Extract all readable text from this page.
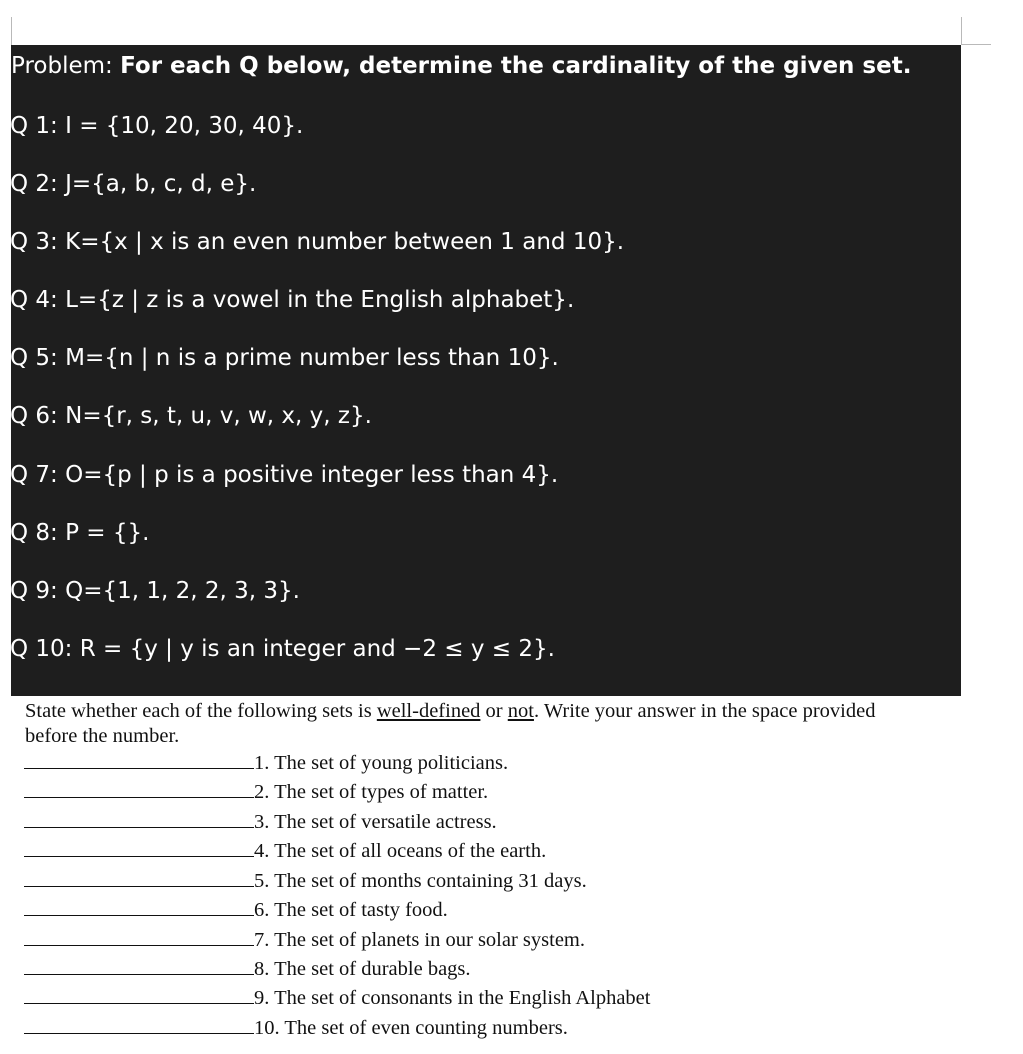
Problem: For each Q below, determine the cardinality of the given set.
Q 1: I = {10, 20, 30, 40}.
Q 2: J={a, b, c, d, e}.
Q 3: K={x | x is an even number between 1 and 10}.
Q 4: L={z | z is a vowel in the English alphabet}.
Q 5: M={n | n is a prime number less than 10}.
Q 6: N={r, s, t, u, v, w, x, y, z}.
Q 7: O={p | p is a positive integer less than 4}.
Q 8: P = {}.
Q 9: Q={1, 1, 2, 2, 3, 3}.
Q 10: R = {y | y is an integer and −2 ≤ y ≤ 2}.
State whether each of the following sets is well-defined or not. Write your answer in the space provided before the number.
1. The set of young politicians.
2. The set of types of matter.
3. The set of versatile actress.
4. The set of all oceans of the earth.
5. The set of months containing 31 days.
6. The set of tasty food.
7. The set of planets in our solar system.
8. The set of durable bags.
9. The set of consonants in the English Alphabet
10. The set of even counting numbers.
